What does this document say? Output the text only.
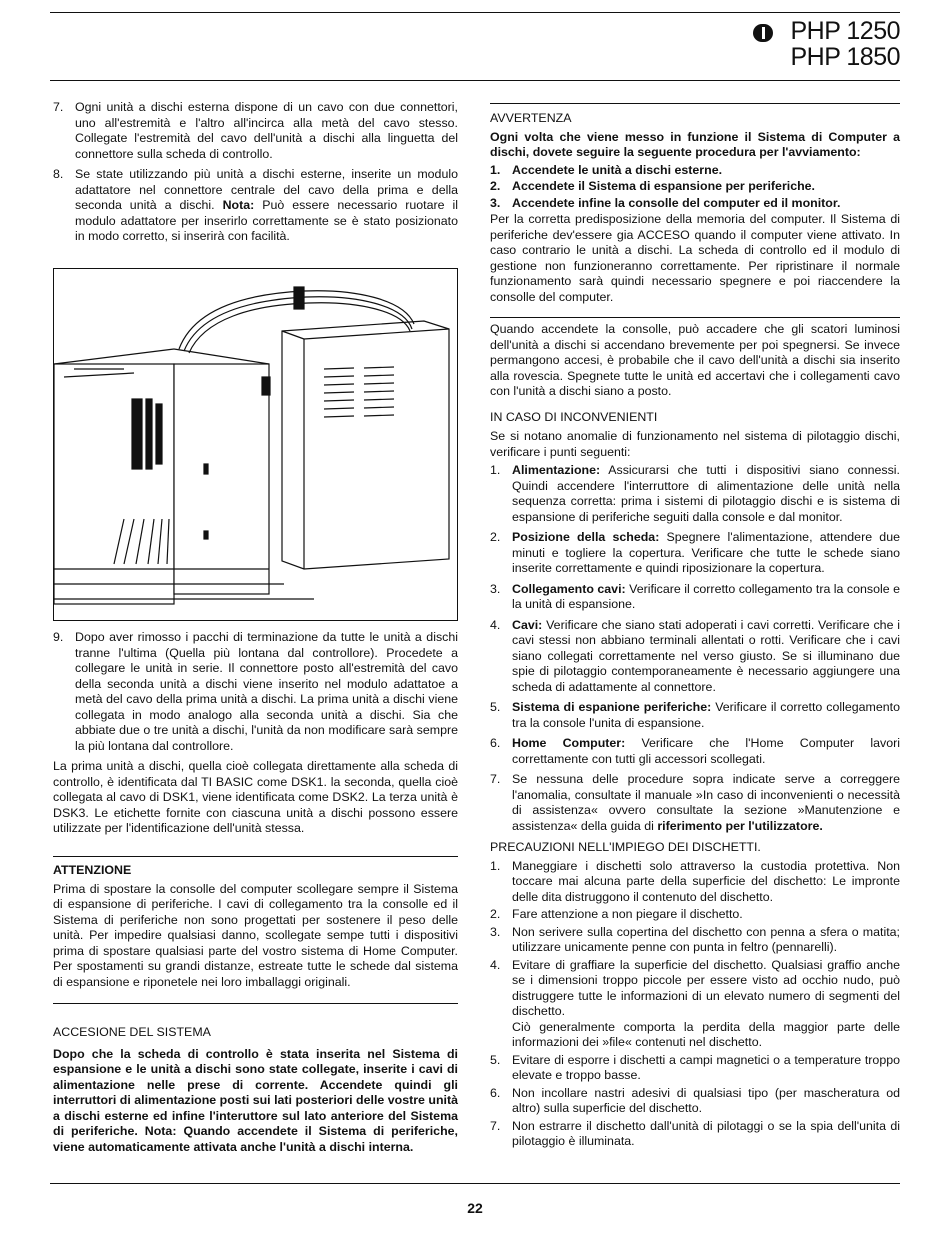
PHP 1250
PHP 1850
7. Ogni unità a dischi esterna dispone di un cavo con due connettori, uno all'estremità e l'altro all'incirca alla metà del cavo stesso. Collegate l'estremità del cavo dell'unità a dischi alla linguetta del connettore sulla scheda di controllo.
8. Se state utilizzando più unità a dischi esterne, inserite un modulo adattatore nel connettore centrale del cavo della prima e della seconda unità a dischi. Nota: Può essere necessario ruotare il modulo adattatore per inserirlo correttamente se è stato posizionato in modo corretto, si inserirà con facilità.
9. Dopo aver rimosso i pacchi di terminazione da tutte le unità a dischi tranne l'ultima (Quella più lontana dal controllore). Procedete a collegare le unità in serie. Il connettore posto all'estremità del cavo della seconda unità a dischi viene inserito nel modulo adattatoe a metà del cavo della prima unità a dischi. La prima unità a dischi viene collegata in modo analogo alla seconda unità a dischi. Sia che abbiate due o tre unità a dischi, l'unità da non modificare sarà sempre la più lontana dal controllore.

La prima unità a dischi, quella cioè collegata direttamente alla scheda di controllo, è identificata dal TI BASIC come DSK1. la seconda, quella cioè collegata al cavo di DSK1, viene identificata come DSK2. La terza unità è DSK3. Le etichette fornite con ciascuna unità a dischi possono essere utilizzate per l'identificazione dell'unità stessa.

ATTENZIONE

Prima di spostare la consolle del computer scollegare sempre il Sistema di espansione di periferiche. I cavi di collegamento tra la consolle ed il Sistema di periferiche non sono progettati per sostenere il peso delle unità. Per impedire qualsiasi danno, scollegate sempe tutti i dispositivi prima di spostare qualsiasi parte del vostro sistema di Home Computer. Per spostamenti su grandi distanze, estreate tutte le schede dal sistema di espansione e riponetele nei loro imballaggi originali.

ACCESIONE DEL SISTEMA

Dopo che la scheda di controllo è stata inserita nel Sistema di espansione e le unità a dischi sono state collegate, inserite i cavi di alimentazione nelle prese di corrente. Accendete quindi gli interruttori di alimentazione posti sui lati posteriori delle vostre unità a dischi esterne ed infine l'interuttore sul lato anteriore del Sistema di periferiche. Nota: Quando accendete il Sistema di periferiche, viene automaticamente attivata anche l'unità a dischi interna.

AVVERTENZA

Ogni volta che viene messo in funzione il Sistema di Computer a dischi, dovete seguire la seguente procedura per l'avviamento:

1. Accendete le unità a dischi esterne.
2. Accendete il Sistema di espansione per periferiche.
3. Accendete infine la consolle del computer ed il monitor.

Per la corretta predisposizione della memoria del computer. Il Sistema di periferiche dev'essere gia ACCESO quando il computer viene attivato. In caso contrario le unità a dischi. La scheda di controllo ed il modulo di gestione non funzioneranno correttamente. Per ripristinare il normale funzionamento sarà quindi necessario spegnere e poi riaccendere la consolle del computer.

Quando accendete la consolle, può accadere che gli scatori luminosi dell'unità a dischi si accendano brevemente per poi spegnersi. Se invece permangono accesi, è probabile che il cavo dell'unità a dischi sia inserito alla rovescia. Spegnete tutte le unità ed accertavi che i collegamenti cavo con l'unità a dischi siano a posto.

IN CASO DI INCONVENIENTI

Se si notano anomalie di funzionamento nel sistema di pilotaggio dischi, verificare i punti seguenti:

1. Alimentazione: Assicurarsi che tutti i dispositivi siano connessi. Quindi accendere l'interruttore di alimentazione delle unità nella sequenza corretta: prima i sistemi di pilotaggio dischi e is sistema di espansione di periferiche seguiti dalla console e dal monitor.
2. Posizione della scheda: Spegnere l'alimentazione, attendere due minuti e togliere la copertura. Verificare che tutte le schede siano inserite correttamente e quindi riposizionare la copertura.
3. Collegamento cavi: Verificare il corretto collegamento tra la console e la unità di espansione.
4. Cavi: Verificare che siano stati adoperati i cavi corretti. Verificare che i cavi stessi non abbiano terminali allentati o rotti. Verificare che i cavi siano collegati correttamente nel verso giusto. Se si illuminano due spie di pilotaggio contemporaneamente è necessario aggiungere una scheda di adattamente al connettore.
5. Sistema di espanione periferiche: Verificare il corretto collegamento tra la console l'unita di espansione.
6. Home Computer: Verificare che l'Home Computer lavori correttamente con tutti gli accessori scollegati.
7. Se nessuna delle procedure sopra indicate serve a correggere l'anomalia, consultate il manuale »In caso di inconvenienti o necessità di assistenza« ovvero consultate la sezione »Manutenzione e assistenza« della guida di riferimento per l'utilizzatore.
PRECAUZIONI NELL'IMPIEGO DEI DISCHETTI.
1. Maneggiare i dischetti solo attraverso la custodia protettiva. Non toccare mai alcuna parte della superficie del dischetto: Le impronte delle dita distruggono il contenuto del dischetto.
2. Fare attenzione a non piegare il dischetto.
3. Non serivere sulla copertina del dischetto con penna a sfera o matita; utilizzare unicamente penne con punta in feltro (pennarelli).
4. Evitare di graffiare la superficie del dischetto. Qualsiasi graffio anche se i dimensioni troppo piccole per essere visto ad occhio nudo, può distruggere tutte le informazioni di un elevato numero di segmenti del dischetto.
Ciò generalmente comporta la perdita della maggior parte delle informazioni dei »file« contenuti nel dischetto.
5. Evitare di esporre i dischetti a campi magnetici o a temperature troppo elevate e troppo basse.
6. Non incollare nastri adesivi di qualsiasi tipo (per mascheratura od altro) sulla superficie del dischetto.
7. Non estrarre il dischetto dall'unità di pilotaggi o se la spia dell'unita di pilotaggio è illuminata.
22
